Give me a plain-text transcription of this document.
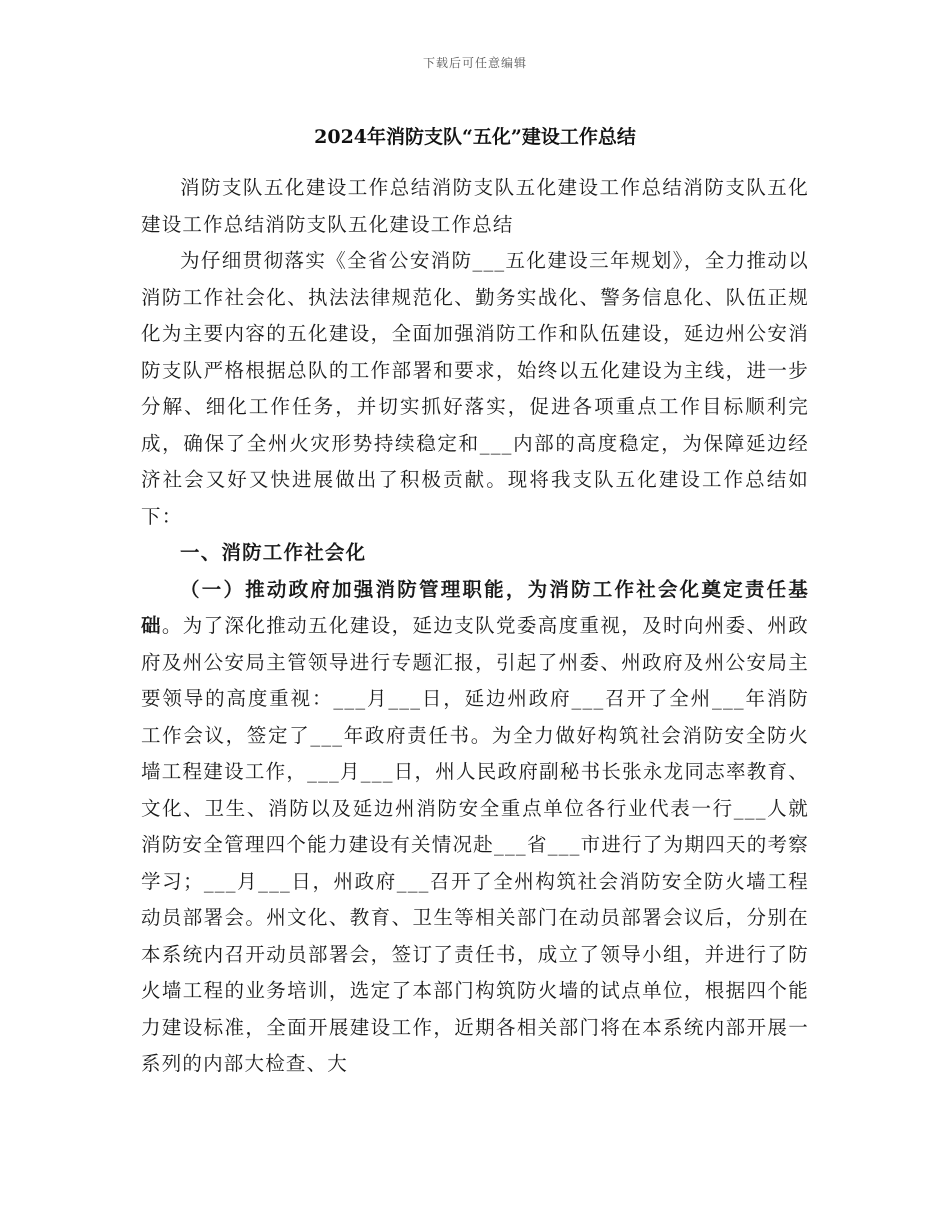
下载后可任意编辑
2024年消防支队“五化”建设工作总结

消防支队五化建设工作总结消防支队五化建设工作总结消防支队五化建设工作总结消防支队五化建设工作总结

为仔细贯彻落实《全省公安消防___五化建设三年规划》，全力推动以消防工作社会化、执法法律规范化、勤务实战化、警务信息化、队伍正规化为主要内容的五化建设，全面加强消防工作和队伍建设，延边州公安消防支队严格根据总队的工作部署和要求，始终以五化建设为主线，进一步分解、细化工作任务，并切实抓好落实，促进各项重点工作目标顺利完成，确保了全州火灾形势持续稳定和___内部的高度稳定，为保障延边经济社会又好又快进展做出了积极贡献。现将我支队五化建设工作总结如下：

一、消防工作社会化

（一）推动政府加强消防管理职能，为消防工作社会化奠定责任基础。为了深化推动五化建设，延边支队党委高度重视，及时向州委、州政府及州公安局主管领导进行专题汇报，引起了州委、州政府及州公安局主要领导的高度重视：___月___日，延边州政府___召开了全州___年消防工作会议，签定了___年政府责任书。为全力做好构筑社会消防安全防火墙工程建设工作，___月___日，州人民政府副秘书长张永龙同志率教育、文化、卫生、消防以及延边州消防安全重点单位各行业代表一行___人就消防安全管理四个能力建设有关情况赴___省___市进行了为期四天的考察学习；___月___日，州政府___召开了全州构筑社会消防安全防火墙工程动员部署会。州文化、教育、卫生等相关部门在动员部署会议后，分别在本系统内召开动员部署会，签订了责任书，成立了领导小组，并进行了防火墙工程的业务培训，选定了本部门构筑防火墙的试点单位，根据四个能力建设标准，全面开展建设工作，近期各相关部门将在本系统内部开展一系列的内部大检查、大
